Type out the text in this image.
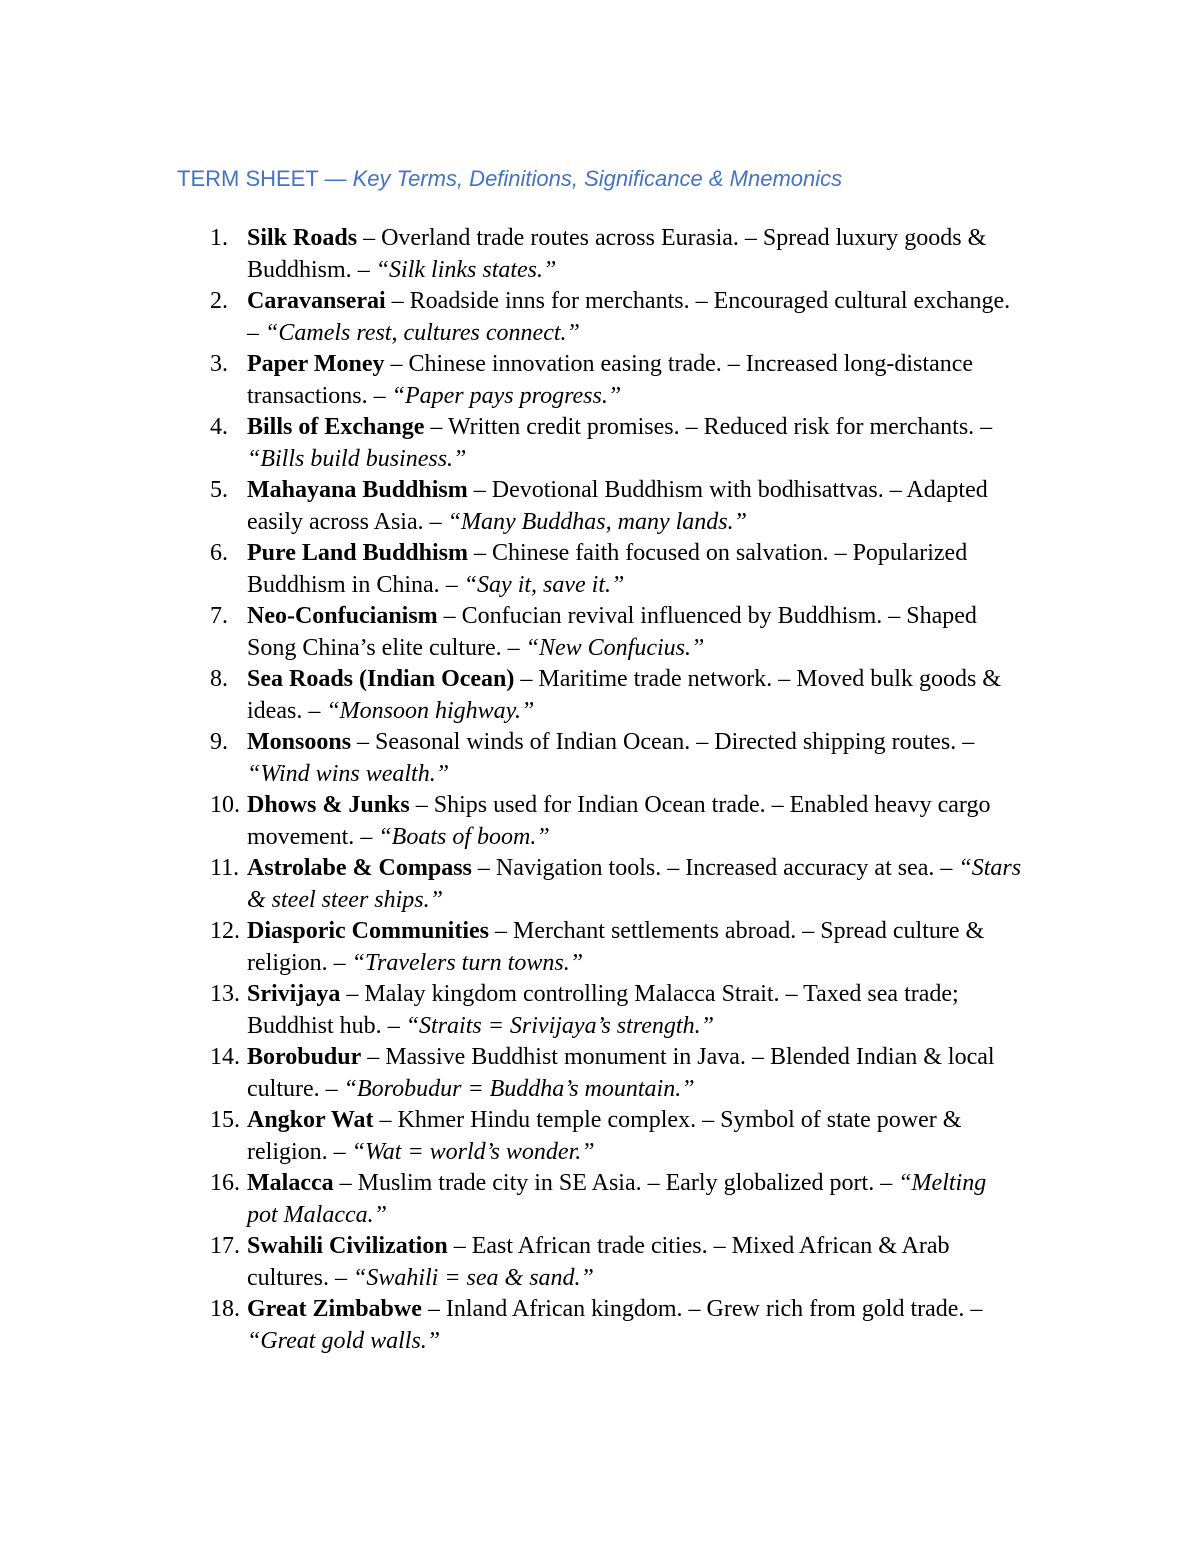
TERM SHEET — Key Terms, Definitions, Significance & Mnemonics
1. Silk Roads – Overland trade routes across Eurasia. – Spread luxury goods & Buddhism. – “Silk links states.”
2. Caravanserai – Roadside inns for merchants. – Encouraged cultural exchange. – “Camels rest, cultures connect.”
3. Paper Money – Chinese innovation easing trade. – Increased long-distance transactions. – “Paper pays progress.”
4. Bills of Exchange – Written credit promises. – Reduced risk for merchants. – “Bills build business.”
5. Mahayana Buddhism – Devotional Buddhism with bodhisattvas. – Adapted easily across Asia. – “Many Buddhas, many lands.”
6. Pure Land Buddhism – Chinese faith focused on salvation. – Popularized Buddhism in China. – “Say it, save it.”
7. Neo-Confucianism – Confucian revival influenced by Buddhism. – Shaped Song China’s elite culture. – “New Confucius.”
8. Sea Roads (Indian Ocean) – Maritime trade network. – Moved bulk goods & ideas. – “Monsoon highway.”
9. Monsoons – Seasonal winds of Indian Ocean. – Directed shipping routes. – “Wind wins wealth.”
10. Dhows & Junks – Ships used for Indian Ocean trade. – Enabled heavy cargo movement. – “Boats of boom.”
11. Astrolabe & Compass – Navigation tools. – Increased accuracy at sea. – “Stars & steel steer ships.”
12. Diasporic Communities – Merchant settlements abroad. – Spread culture & religion. – “Travelers turn towns.”
13. Srivijaya – Malay kingdom controlling Malacca Strait. – Taxed sea trade; Buddhist hub. – “Straits = Srivijaya’s strength.”
14. Borobudur – Massive Buddhist monument in Java. – Blended Indian & local culture. – “Borobudur = Buddha’s mountain.”
15. Angkor Wat – Khmer Hindu temple complex. – Symbol of state power & religion. – “Wat = world’s wonder.”
16. Malacca – Muslim trade city in SE Asia. – Early globalized port. – “Melting pot Malacca.”
17. Swahili Civilization – East African trade cities. – Mixed African & Arab cultures. – “Swahili = sea & sand.”
18. Great Zimbabwe – Inland African kingdom. – Grew rich from gold trade. – “Great gold walls.”
